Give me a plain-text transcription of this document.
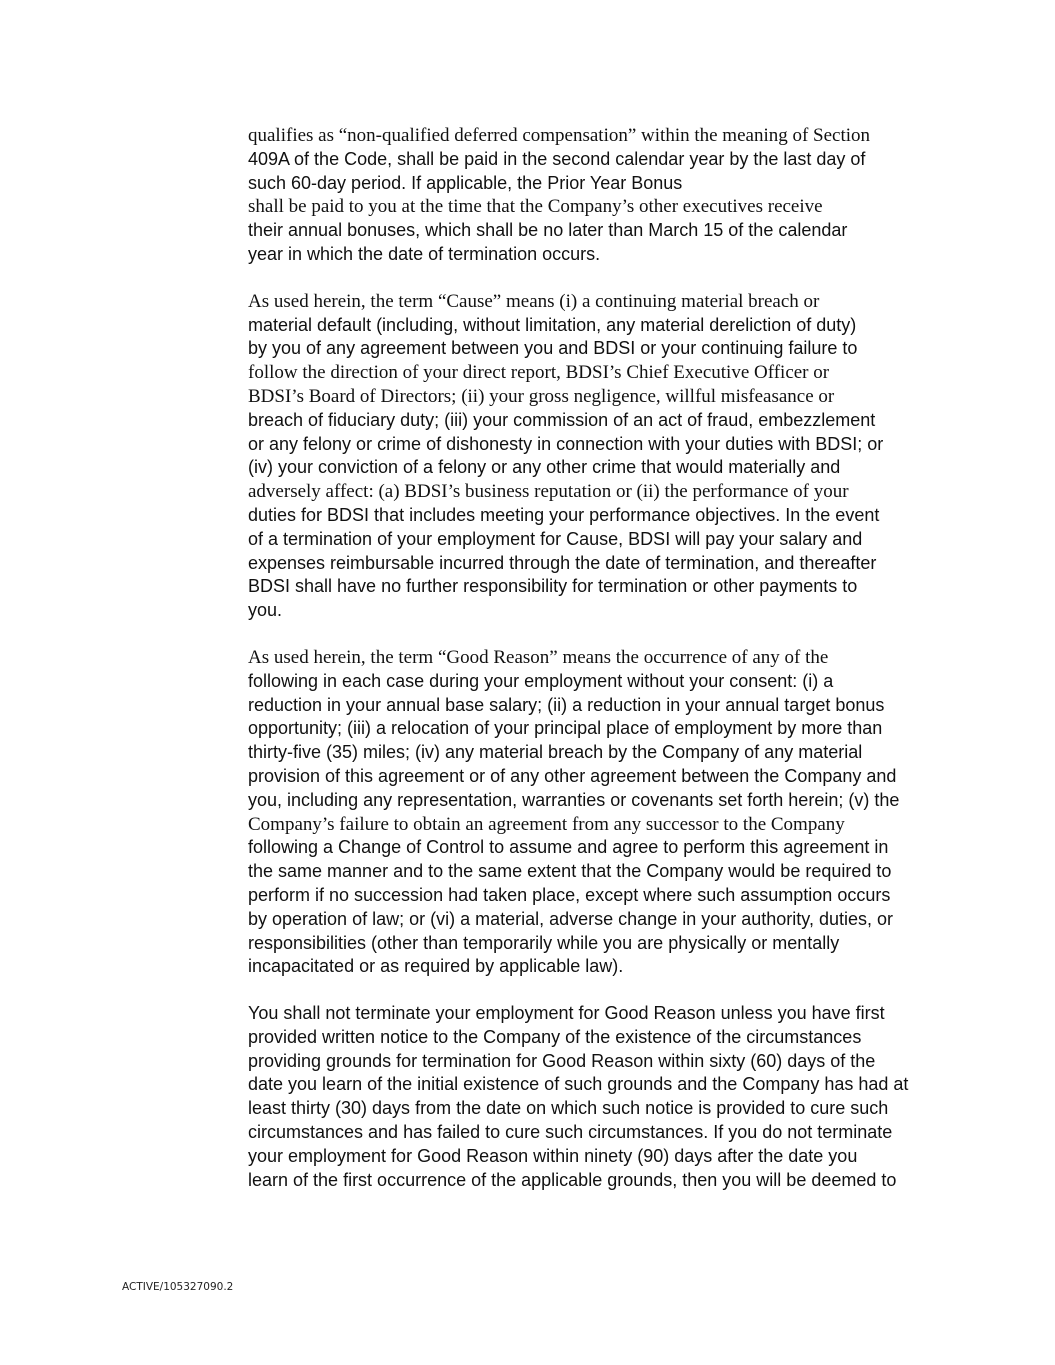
qualifies as “non-qualified deferred compensation” within the meaning of Section
409A of the Code, shall be paid in the second calendar year by the last day of
such 60-day period. If applicable, the Prior Year Bonus
shall be paid to you at the time that the Company’s other executives receive
their annual bonuses, which shall be no later than March 15 of the calendar
year in which the date of termination occurs.
As used herein, the term “Cause” means (i) a continuing material breach or
material default (including, without limitation, any material dereliction of duty)
by you of any agreement between you and BDSI or your continuing failure to
follow the direction of your direct report, BDSI’s Chief Executive Officer or
BDSI’s Board of Directors; (ii) your gross negligence, willful misfeasance or
breach of fiduciary duty; (iii) your commission of an act of fraud, embezzlement
or any felony or crime of dishonesty in connection with your duties with BDSI; or
(iv) your conviction of a felony or any other crime that would materially and
adversely affect: (a) BDSI’s business reputation or (ii) the performance of your
duties for BDSI that includes meeting your performance objectives. In the event
of a termination of your employment for Cause, BDSI will pay your salary and
expenses reimbursable incurred through the date of termination, and thereafter
BDSI shall have no further responsibility for termination or other payments to
you.
As used herein, the term “Good Reason” means the occurrence of any of the
following in each case during your employment without your consent: (i) a
reduction in your annual base salary; (ii) a reduction in your annual target bonus
opportunity; (iii) a relocation of your principal place of employment by more than
thirty-five (35) miles; (iv) any material breach by the Company of any material
provision of this agreement or of any other agreement between the Company and
you, including any representation, warranties or covenants set forth herein; (v) the
Company’s failure to obtain an agreement from any successor to the Company
following a Change of Control to assume and agree to perform this agreement in
the same manner and to the same extent that the Company would be required to
perform if no succession had taken place, except where such assumption occurs
by operation of law; or (vi) a material, adverse change in your authority, duties, or
responsibilities (other than temporarily while you are physically or mentally
incapacitated or as required by applicable law).
You shall not terminate your employment for Good Reason unless you have first
provided written notice to the Company of the existence of the circumstances
providing grounds for termination for Good Reason within sixty (60) days of the
date you learn of the initial existence of such grounds and the Company has had at
least thirty (30) days from the date on which such notice is provided to cure such
circumstances and has failed to cure such circumstances. If you do not terminate
your employment for Good Reason within ninety (90) days after the date you
learn of the first occurrence of the applicable grounds, then you will be deemed to
ACTIVE/105327090.2
